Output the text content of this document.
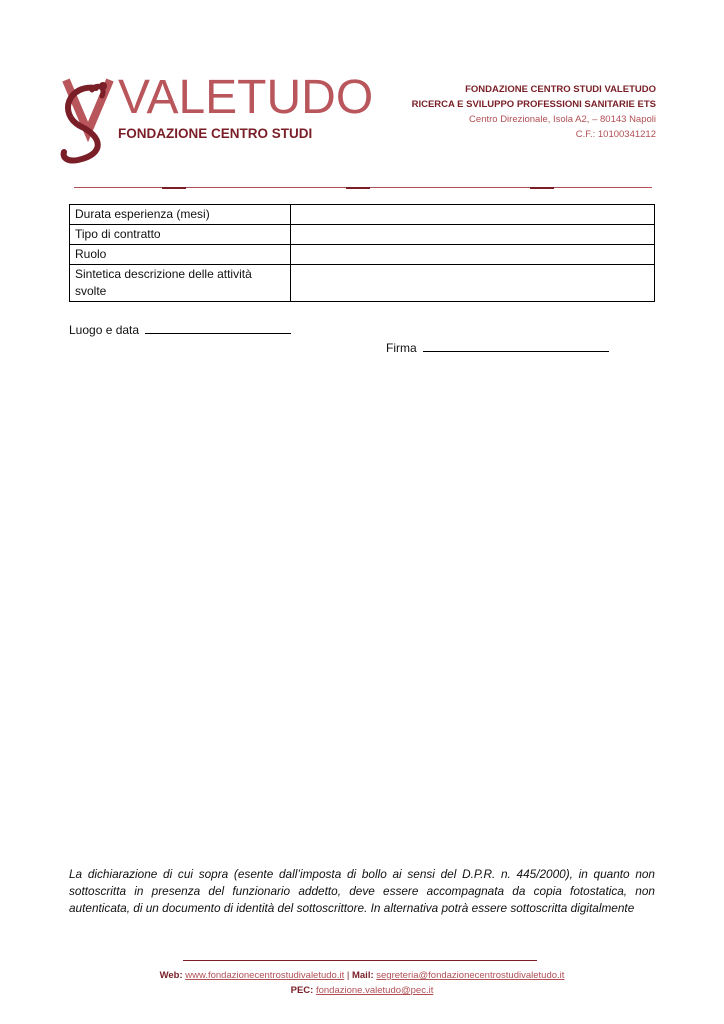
VALETUDO
FONDAZIONE CENTRO STUDI
FONDAZIONE CENTRO STUDI VALETUDO
RICERCA E SVILUPPO PROFESSIONI SANITARIE ETS
Centro Direzionale, Isola A2, – 80143 Napoli
C.F.: 10100341212
Durata esperienza (mesi)	
Tipo di contratto	
Ruolo	
Sintetica descrizione delle attività svolte	
Luogo e data
Firma
La dichiarazione di cui sopra (esente dall’imposta di bollo ai sensi del D.P.R. n. 445/2000), in quanto non sottoscritta in presenza del funzionario addetto, deve essere accompagnata da copia fotostatica, non autenticata, di un documento di identità del sottoscrittore. In alternativa potrà essere sottoscritta digitalmente
Web: www.fondazionecentrostudivaletudo.it | Mail: segreteria@fondazionecentrostudivaletudo.it
PEC: fondazione.valetudo@pec.it
